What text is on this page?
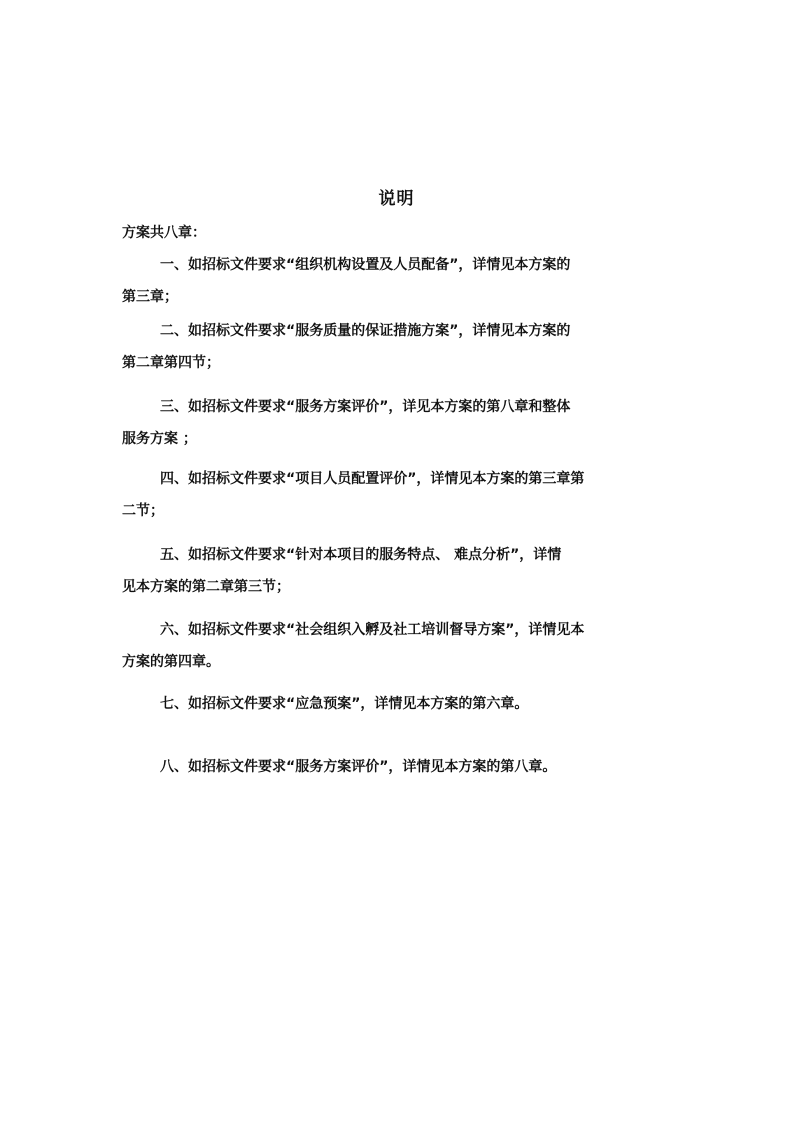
说明
方案共八章：
一、如招标文件要求“组织机构设置及人员配备”，详情见本方案的
第三章；
二、如招标文件要求“服务质量的保证措施方案”，详情见本方案的
第二章第四节；
三、如招标文件要求“服务方案评价”，详见本方案的第八章和整体
服务方案 ；
四、如招标文件要求“项目人员配置评价”，详情见本方案的第三章第
二节；
五、如招标文件要求“针对本项目的服务特点、 难点分析”，详情
见本方案的第二章第三节；
六、如招标文件要求“社会组织入孵及社工培训督导方案”，详情见本
方案的第四章。
七、如招标文件要求“应急预案”，详情见本方案的第六章。
八、如招标文件要求“服务方案评价”，详情见本方案的第八章。
